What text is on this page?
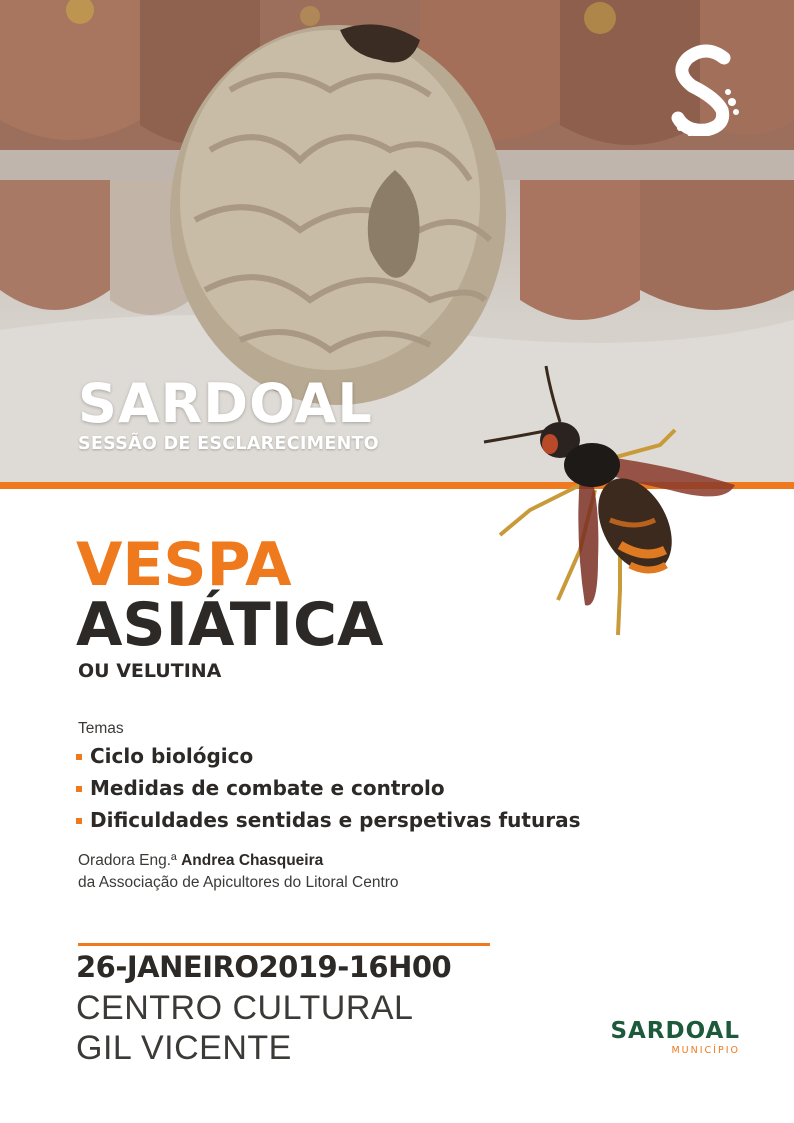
SARDOAL
SESSÃO DE ESCLARECIMENTO
VESPA
ASIÁTICA
OU VELUTINA
Temas
Ciclo biológico
Medidas de combate e controlo
Dificuldades sentidas e perspetivas futuras
Oradora Eng.ª Andrea Chasqueira
da Associação de Apicultores do Litoral Centro
26-JANEIRO2019-16H00
CENTRO CULTURAL
GIL VICENTE	SARDOAL
MUNICÍPIO
